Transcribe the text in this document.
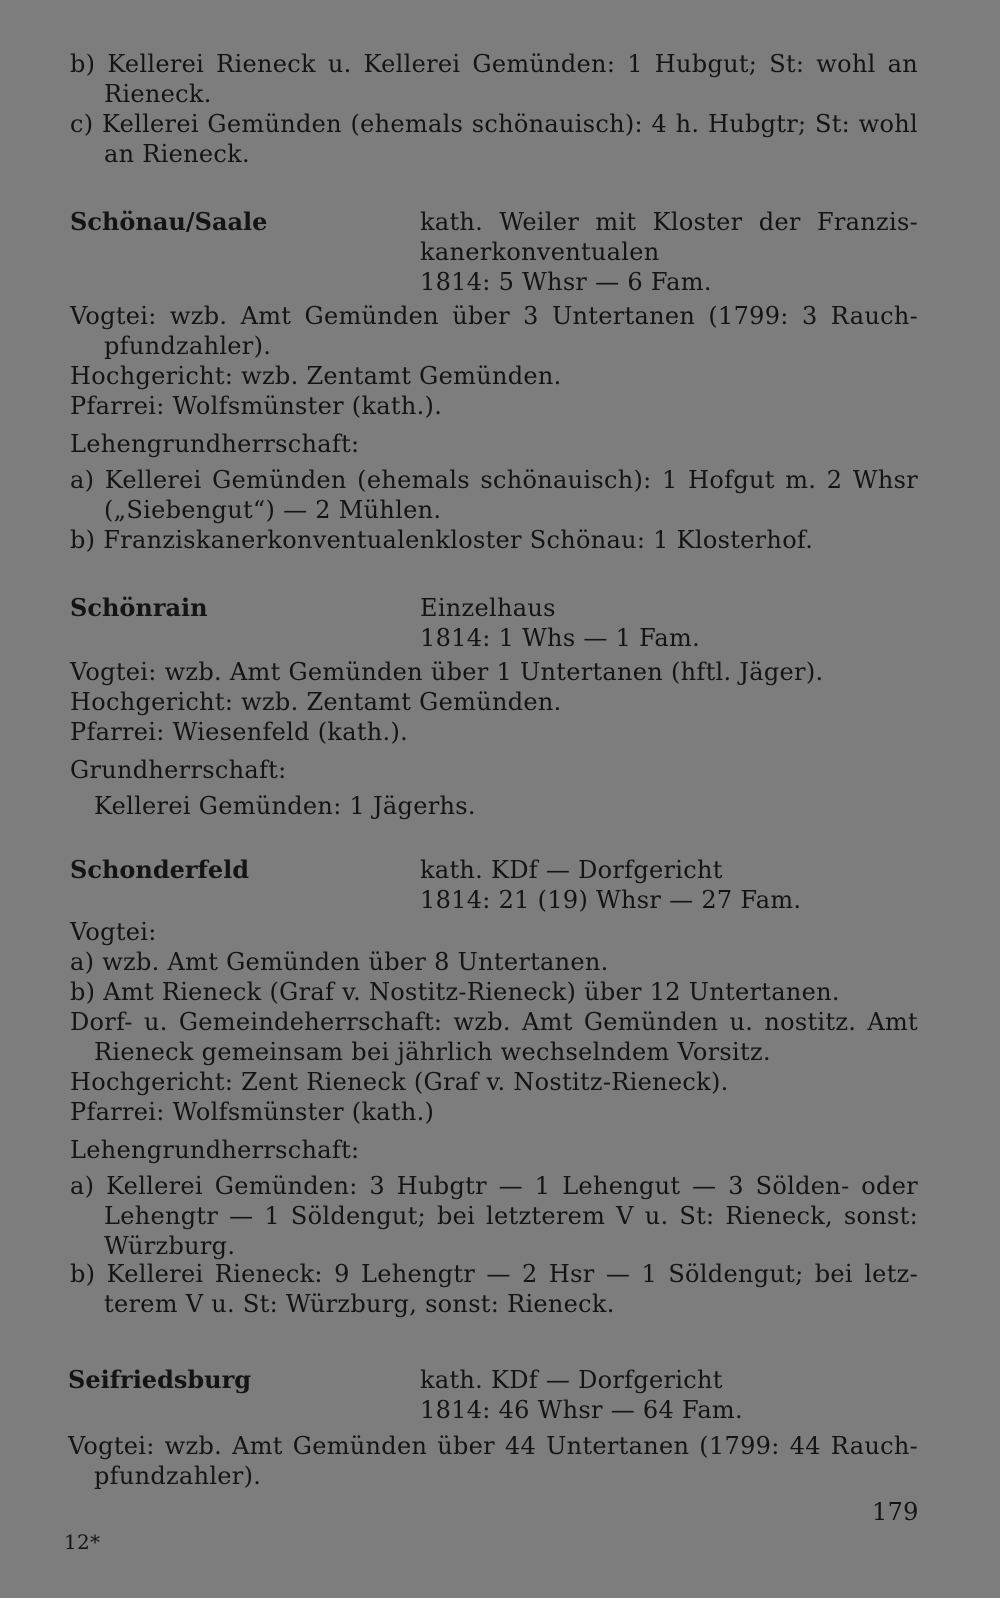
b) Kellerei Rieneck u. Kellerei Gemünden: 1 Hubgut; St: wohl an
Rieneck.
c) Kellerei Gemünden (ehemals schönauisch): 4 h. Hubgtr; St: wohl
an Rieneck.
Schönau/Saale	kath. Weiler mit Kloster der Franzis-
kanerkonventualen
1814: 5 Whsr — 6 Fam.
Vogtei: wzb. Amt Gemünden über 3 Untertanen (1799: 3 Rauch-
pfundzahler).
Hochgericht: wzb. Zentamt Gemünden.
Pfarrei: Wolfsmünster (kath.).
Lehengrundherrschaft:
a) Kellerei Gemünden (ehemals schönauisch): 1 Hofgut m. 2 Whsr
(„Siebengut“) — 2 Mühlen.
b) Franziskanerkonventualenkloster Schönau: 1 Klosterhof.
Schönrain	Einzelhaus
1814: 1 Whs — 1 Fam.
Vogtei: wzb. Amt Gemünden über 1 Untertanen (hftl. Jäger).
Hochgericht: wzb. Zentamt Gemünden.
Pfarrei: Wiesenfeld (kath.).
Grundherrschaft:
Kellerei Gemünden: 1 Jägerhs.
Schonderfeld	kath. KDf — Dorfgericht
1814: 21 (19) Whsr — 27 Fam.
Vogtei:
a) wzb. Amt Gemünden über 8 Untertanen.
b) Amt Rieneck (Graf v. Nostitz-Rieneck) über 12 Untertanen.
Dorf- u. Gemeindeherrschaft: wzb. Amt Gemünden u. nostitz. Amt
Rieneck gemeinsam bei jährlich wechselndem Vorsitz.
Hochgericht: Zent Rieneck (Graf v. Nostitz-Rieneck).
Pfarrei: Wolfsmünster (kath.)
Lehengrundherrschaft:
a) Kellerei Gemünden: 3 Hubgtr — 1 Lehengut — 3 Sölden- oder
Lehengtr — 1 Söldengut; bei letzterem V u. St: Rieneck, sonst:
Würzburg.
b) Kellerei Rieneck: 9 Lehengtr — 2 Hsr — 1 Söldengut; bei letz-
terem V u. St: Würzburg, sonst: Rieneck.
Seifriedsburg	kath. KDf — Dorfgericht
1814: 46 Whsr — 64 Fam.
Vogtei: wzb. Amt Gemünden über 44 Untertanen (1799: 44 Rauch-
pfundzahler).
179
12*
